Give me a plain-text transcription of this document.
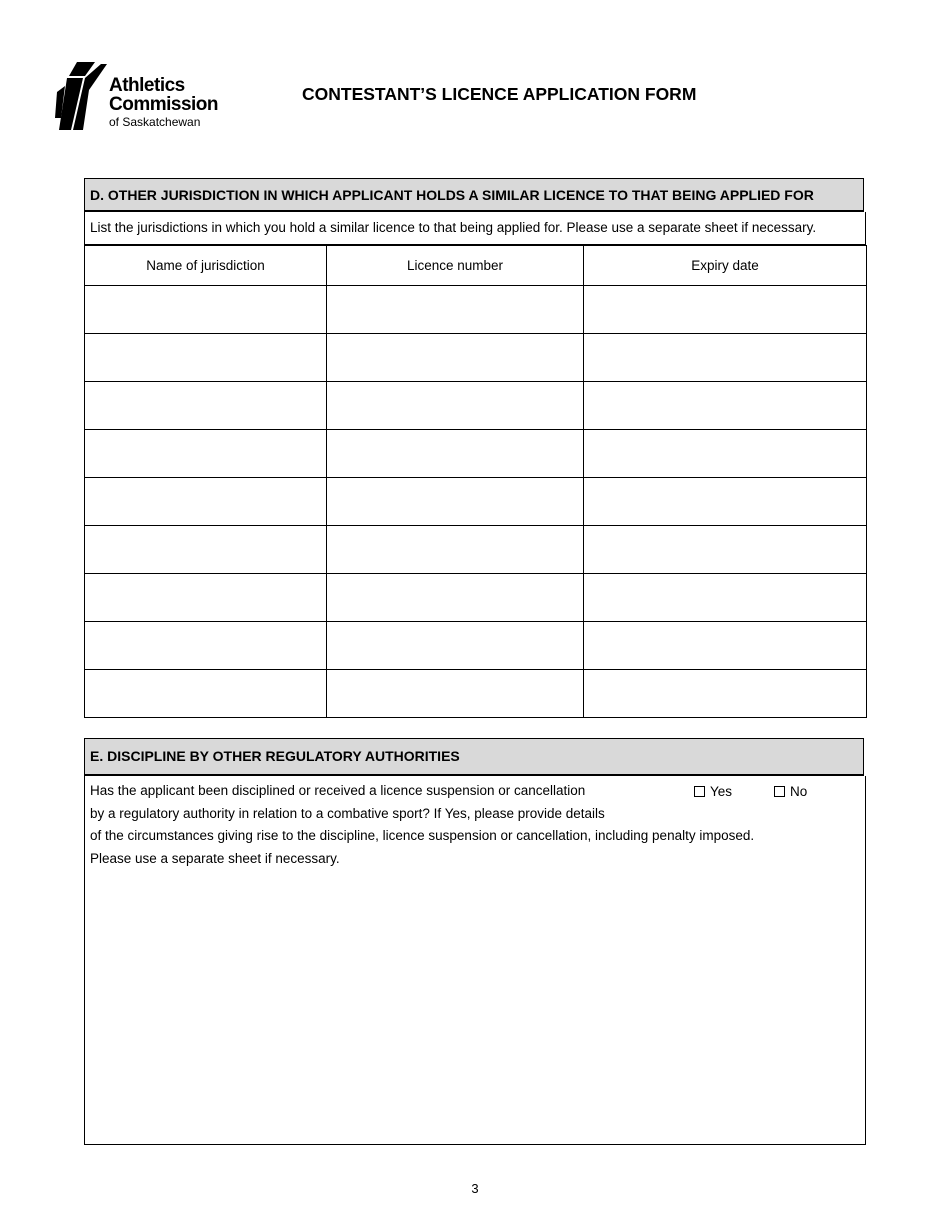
Athletics
Commission
of Saskatchewan
CONTESTANT’S LICENCE APPLICATION FORM
D. OTHER JURISDICTION IN WHICH APPLICANT HOLDS A SIMILAR LICENCE TO THAT BEING APPLIED FOR
List the jurisdictions in which you hold a similar licence to that being applied for. Please use a separate sheet if necessary.
Name of jurisdiction	Licence number	Expiry date

E. DISCIPLINE BY OTHER REGULATORY AUTHORITIES
Has the applicant been disciplined or received a licence suspension or cancellation
by a regulatory authority in relation to a combative sport? If Yes, please provide details
of the circumstances giving rise to the discipline, licence suspension or cancellation, including penalty imposed.
Please use a separate sheet if necessary.
Yes	No
3
